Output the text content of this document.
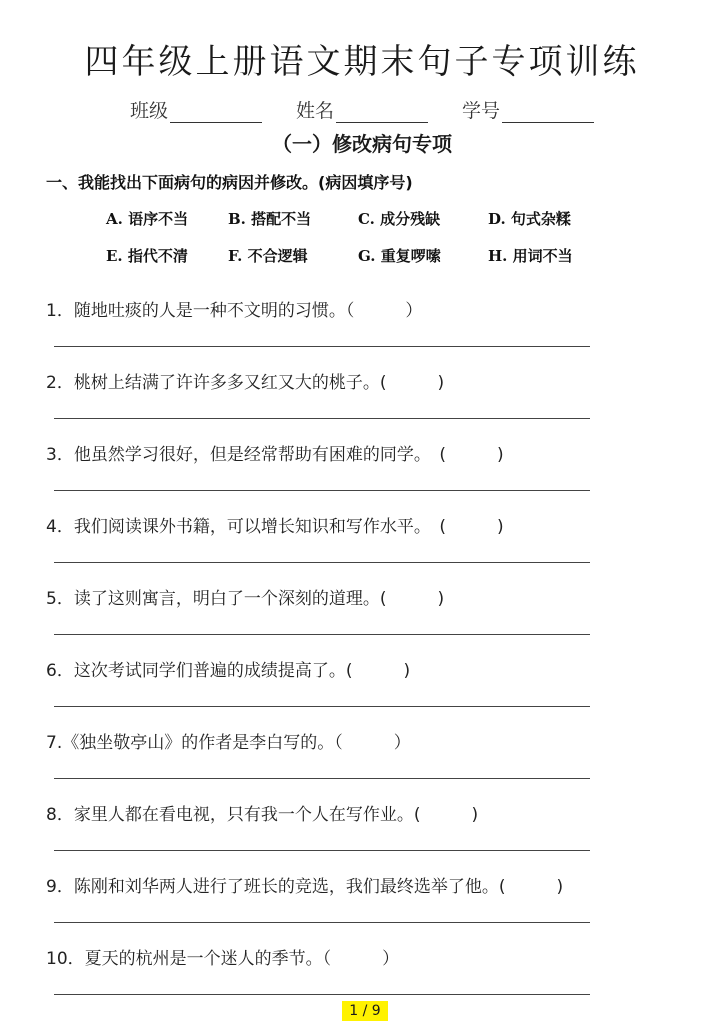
四年级上册语文期末句子专项训练
班级	姓名	学号
（一）修改病句专项
一、我能找出下面病句的病因并修改。(病因填序号)
A. 语序不当	B. 搭配不当	C. 成分残缺	D. 句式杂糅
E. 指代不清	F. 不合逻辑	G. 重复啰嗦	H. 用词不当
1．随地吐痰的人是一种不文明的习惯。（　　　）
2．桃树上结满了许许多多又红又大的桃子。(　　　)
3．他虽然学习很好，但是经常帮助有困难的同学。　(　　　)
4．我们阅读课外书籍，可以增长知识和写作水平。　(　　　)
5．读了这则寓言，明白了一个深刻的道理。(　　　)
6．这次考试同学们普遍的成绩提高了。(　　　)
7.《独坐敬亭山》的作者是李白写的。（　　　）
8．家里人都在看电视，只有我一个人在写作业。(　　　)
9．陈刚和刘华两人进行了班长的竞选，我们最终选举了他。(　　　)
10．夏天的杭州是一个迷人的季节。（　　　）
1 / 9
